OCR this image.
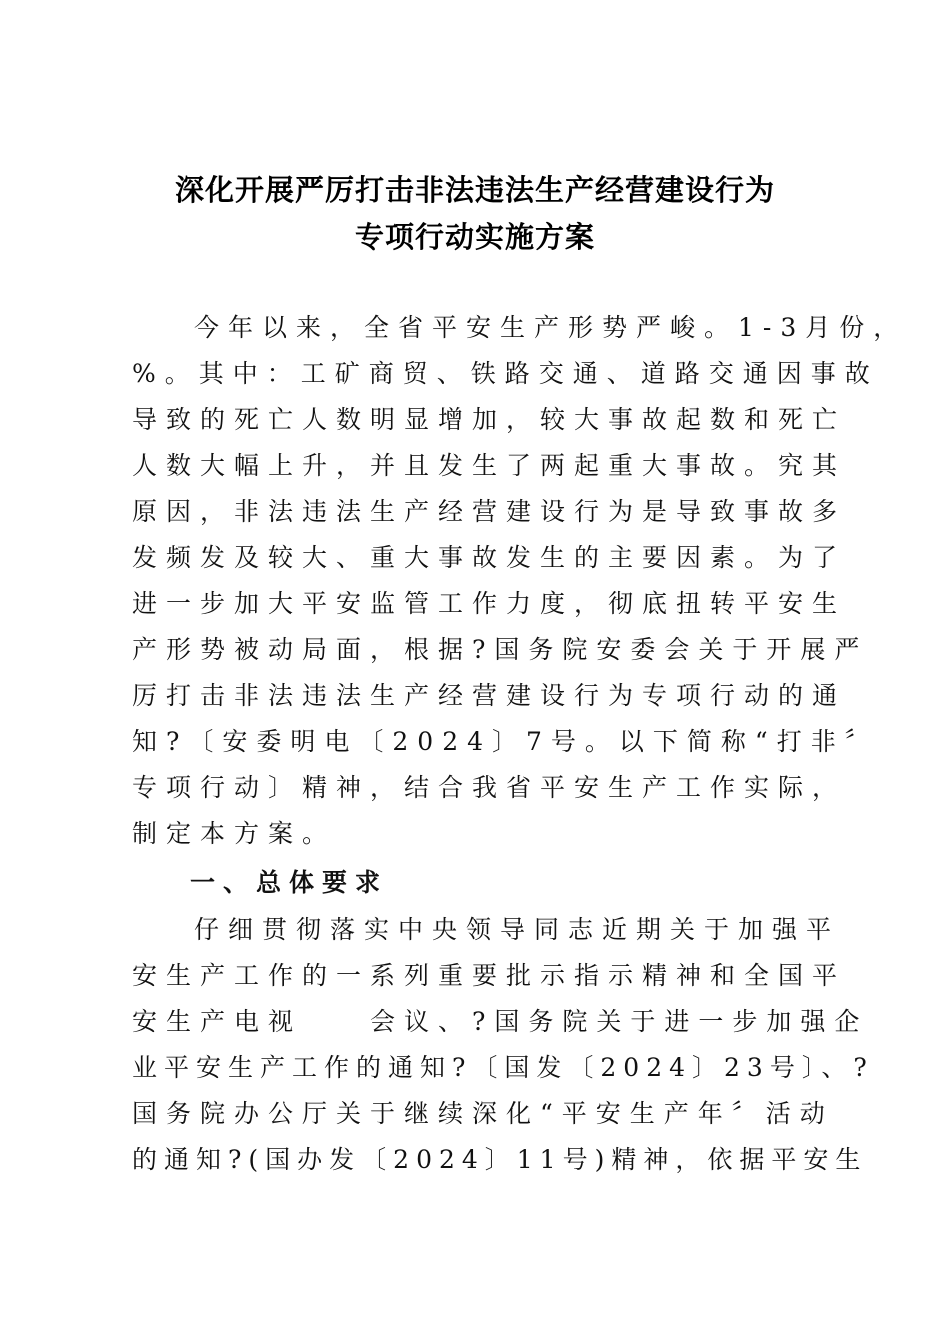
深化开展严厉打击非法违法生产经营建设行为
专项行动实施方案
今年以来，全省平安生产形势严峻。1-3月份，
%。其中：工矿商贸、铁路交通、道路交通因事故
导致的死亡人数明显增加，较大事故起数和死亡
人数大幅上升，并且发生了两起重大事故。究其
原因，非法违法生产经营建设行为是导致事故多
发频发及较大、重大事故发生的主要因素。为了
进一步加大平安监管工作力度，彻底扭转平安生
产形势被动局面，根据?国务院安委会关于开展严
厉打击非法违法生产经营建设行为专项行动的通
知?〔安委明电〔2024〕7号。以下简称“打非〞
专项行动〕精神，结合我省平安生产工作实际，
制定本方案。
一、总体要求
仔细贯彻落实中央领导同志近期关于加强平
安生产工作的一系列重要批示指示精神和全国平
安生产电视　　会议、?国务院关于进一步加强企
业平安生产工作的通知?〔国发〔2024〕23号〕、?
国务院办公厅关于继续深化“平安生产年〞活动
的通知?(国办发〔2024〕11号)精神，依据平安生
